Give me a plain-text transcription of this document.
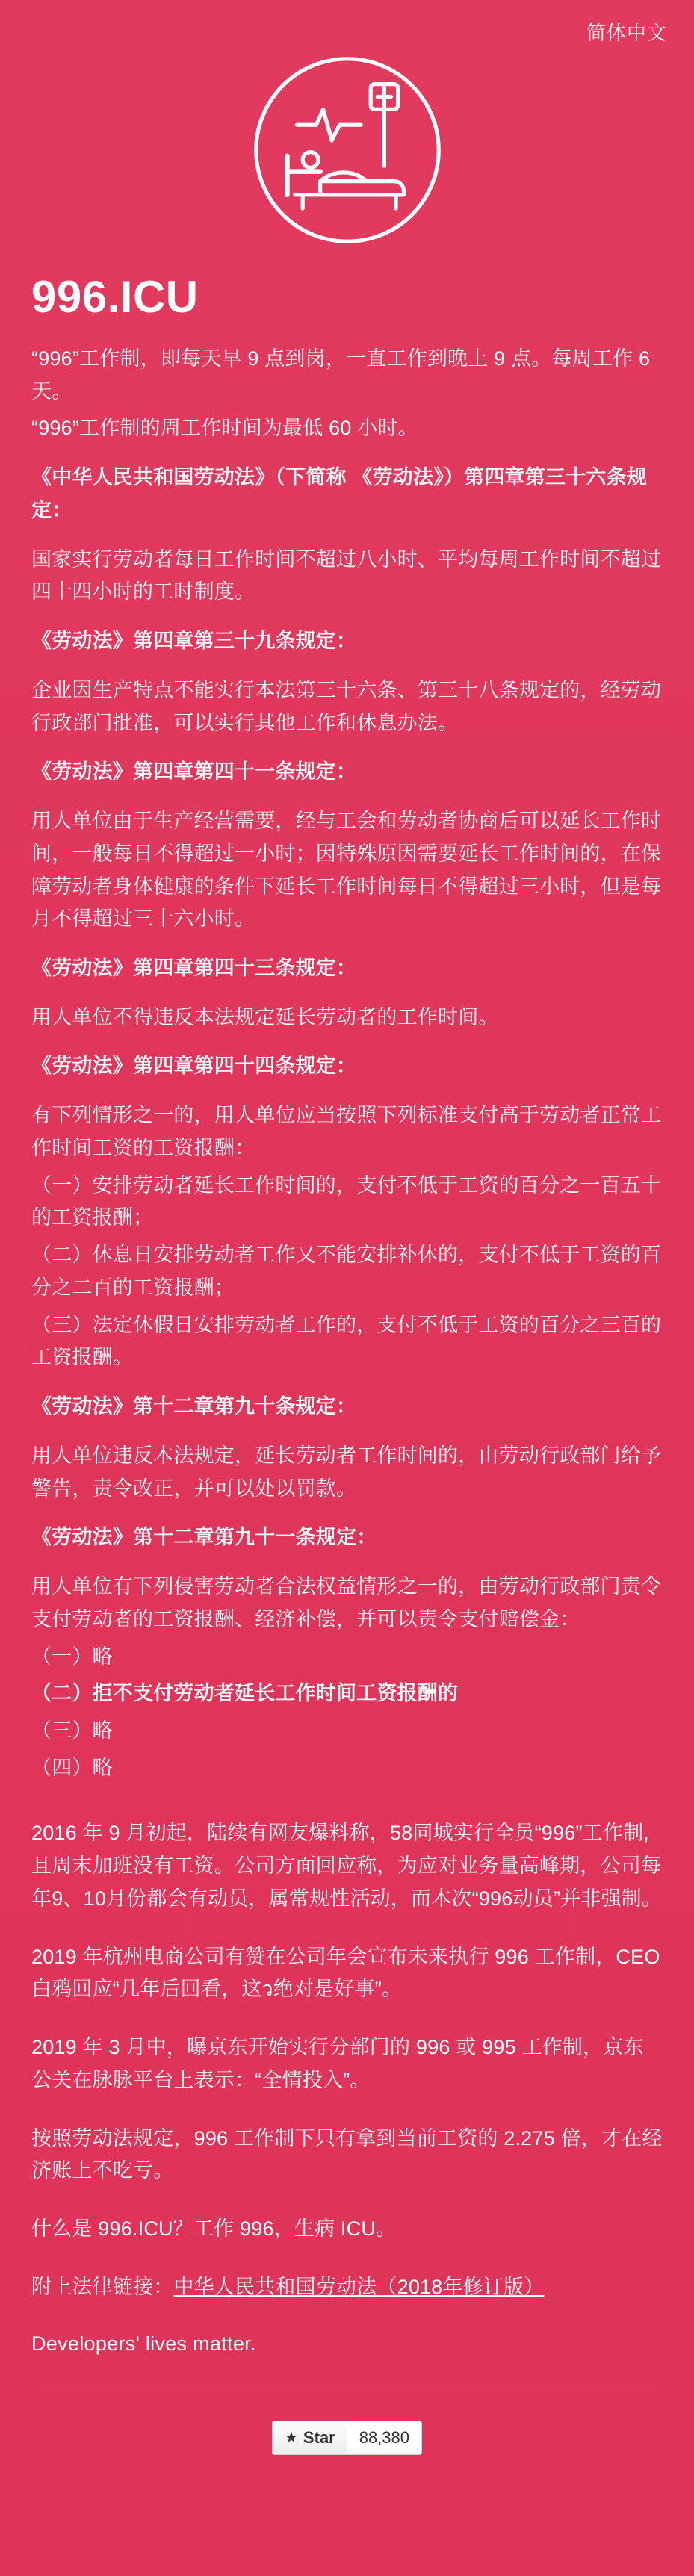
简体中文
996.ICU

“996”工作制，即每天早 9 点到岗，一直工作到晚上 9 点。每周工作 6 天。

“996”工作制的周工作时间为最低 60 小时。

《中华人民共和国劳动法》（下简称 《劳动法》）第四章第三十六条规定：

国家实行劳动者每日工作时间不超过八小时、平均每周工作时间不超过四十四小时的工时制度。

《劳动法》第四章第三十九条规定：

企业因生产特点不能实行本法第三十六条、第三十八条规定的，经劳动行政部门批准，可以实行其他工作和休息办法。

《劳动法》第四章第四十一条规定：

用人单位由于生产经营需要，经与工会和劳动者协商后可以延长工作时间，一般每日不得超过一小时；因特殊原因需要延长工作时间的，在保障劳动者身体健康的条件下延长工作时间每日不得超过三小时，但是每月不得超过三十六小时。

《劳动法》第四章第四十三条规定：

用人单位不得违反本法规定延长劳动者的工作时间。

《劳动法》第四章第四十四条规定：

有下列情形之一的，用人单位应当按照下列标准支付高于劳动者正常工作时间工资的工资报酬：

（一）安排劳动者延长工作时间的，支付不低于工资的百分之一百五十的工资报酬；

（二）休息日安排劳动者工作又不能安排补休的，支付不低于工资的百分之二百的工资报酬；

（三）法定休假日安排劳动者工作的，支付不低于工资的百分之三百的工资报酬。

《劳动法》第十二章第九十条规定：

用人单位违反本法规定，延长劳动者工作时间的，由劳动行政部门给予警告，责令改正，并可以处以罚款。

《劳动法》第十二章第九十一条规定：

用人单位有下列侵害劳动者合法权益情形之一的，由劳动行政部门责令支付劳动者的工资报酬、经济补偿，并可以责令支付赔偿金：

（一）略

（二）拒不支付劳动者延长工作时间工资报酬的

（三）略

（四）略

2016 年 9 月初起，陆续有网友爆料称，58同城实行全员“996”工作制,且周末加班没有工资。公司方面回应称，为应对业务量高峰期，公司每年9、10月份都会有动员，属常规性活动，而本次“996动员”并非强制。

2019 年杭州电商公司有赞在公司年会宣布未来执行 996 工作制，CEO 白鸦回应“几年后回看，这ว绝对是好事”。

2019 年 3 月中，曝京东开始实行分部门的 996 或 995 工作制，京东公关在脉脉平台上表示：“全情投入”。

按照劳动法规定，996 工作制下只有拿到当前工资的 2.275 倍，才在经济账上不吃亏。

什么是 996.ICU？工作 996，生病 ICU。

附上法律链接：中华人民共和国劳动法（2018年修订版）

Developers' lives matter.
★ Star	88,380
